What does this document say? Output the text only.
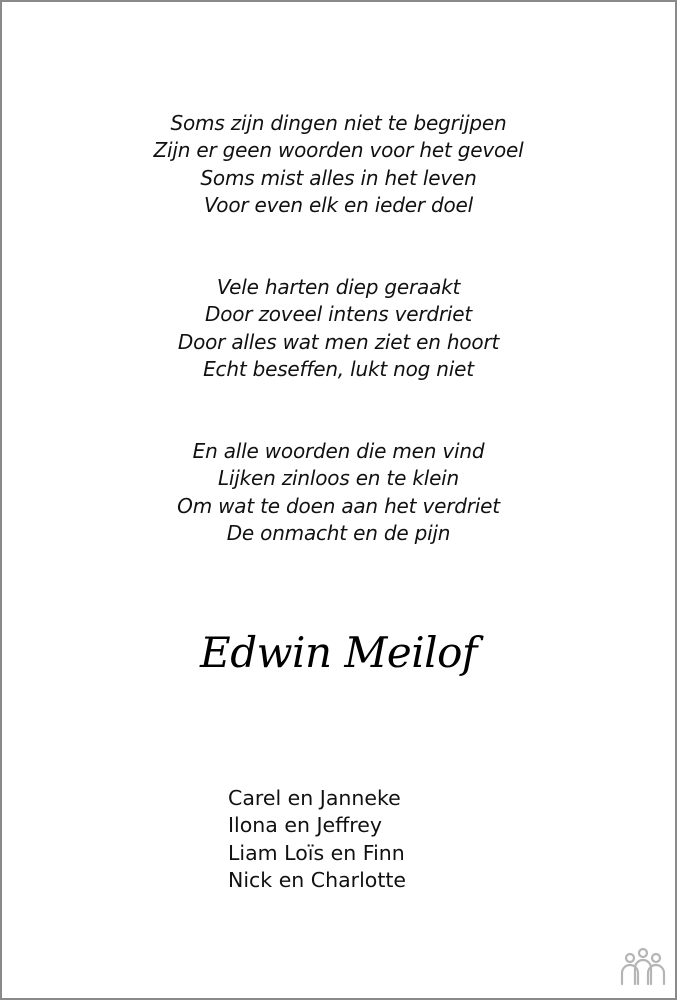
Soms zijn dingen niet te begrijpen
Zijn er geen woorden voor het gevoel
Soms mist alles in het leven
Voor even elk en ieder doel
Vele harten diep geraakt
Door zoveel intens verdriet
Door alles wat men ziet en hoort
Echt beseffen, lukt nog niet
En alle woorden die men vind
Lijken zinloos en te klein
Om wat te doen aan het verdriet
De onmacht en de pijn
Edwin Meilof
Carel en Janneke
Ilona en Jeffrey
Liam Loïs en Finn
Nick en Charlotte
